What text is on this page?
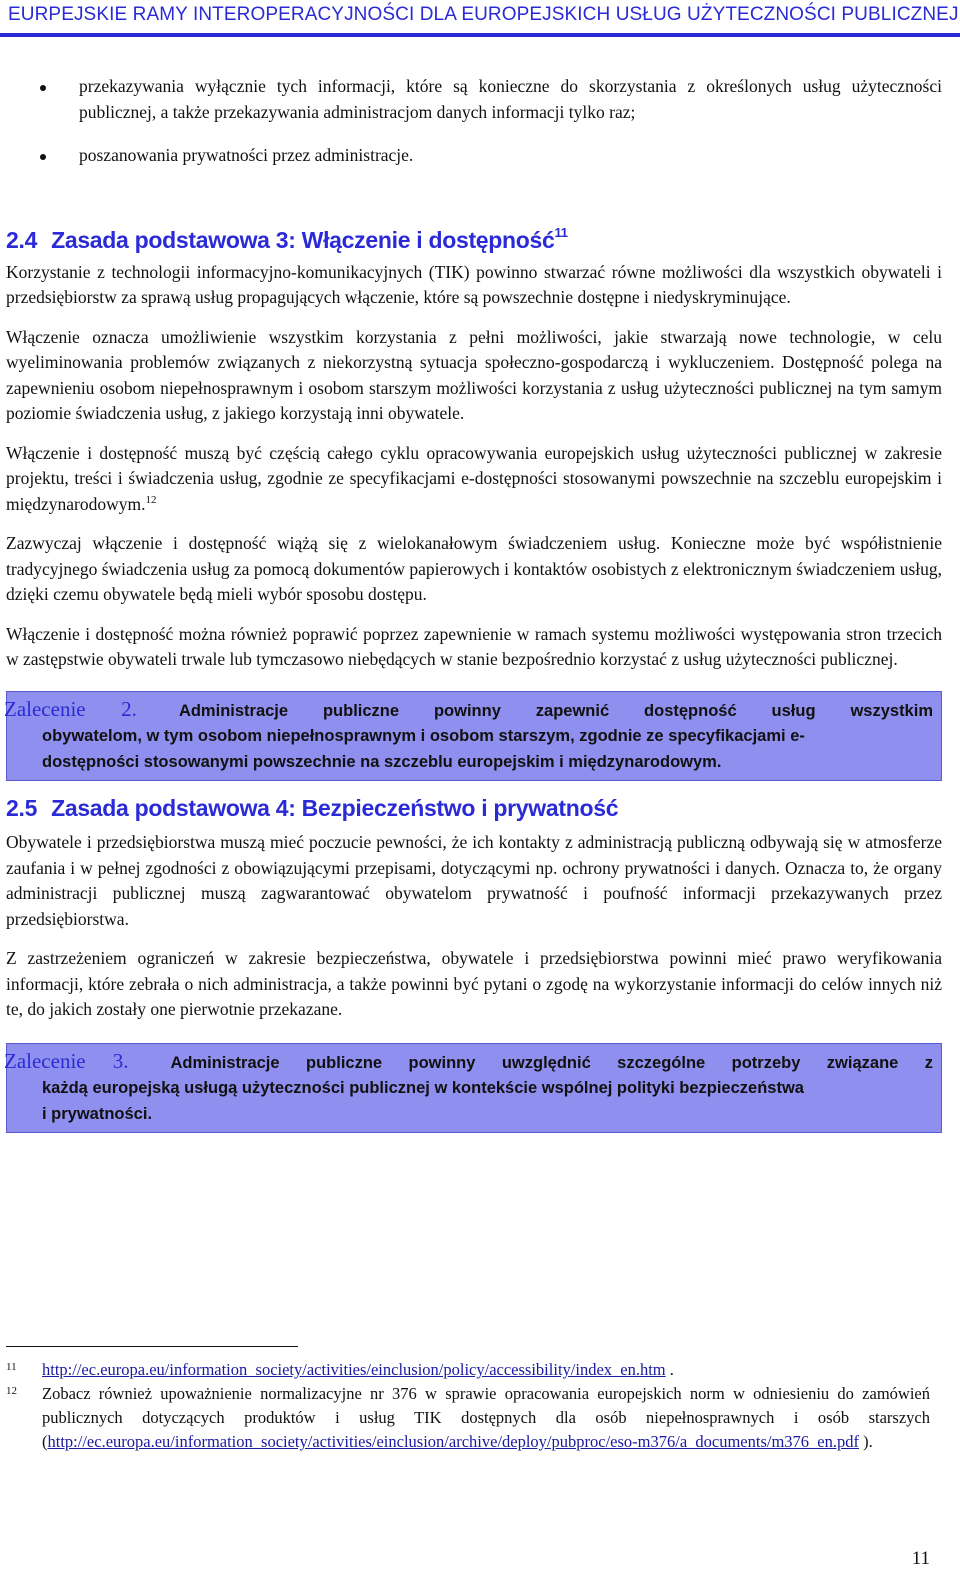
EURPEJSKIE RAMY INTEROPERACYJNOŚCI DLA EUROPEJSKICH USŁUG UŻYTECZNOŚCI PUBLICZNEJ
przekazywania wyłącznie tych informacji, które są konieczne do skorzystania z określonych usług użyteczności publicznej, a także przekazywania administracjom danych informacji tylko raz;
poszanowania prywatności przez administracje.
2.4 Zasada podstawowa 3: Włączenie i dostępność$^{11}$

Korzystanie z technologii informacyjno-komunikacyjnych (TIK) powinno stwarzać równe możliwości dla wszystkich obywateli i przedsiębiorstw za sprawą usług propagujących włączenie, które są powszechnie dostępne i niedyskryminujące.

Włączenie oznacza umożliwienie wszystkim korzystania z pełni możliwości, jakie stwarzają nowe technologie, w celu wyeliminowania problemów związanych z niekorzystną sytuacja społeczno-gospodarczą i wykluczeniem. Dostępność polega na zapewnieniu osobom niepełnosprawnym i osobom starszym możliwości korzystania z usług użyteczności publicznej na tym samym poziomie świadczenia usług, z jakiego korzystają inni obywatele.

Włączenie i dostępność muszą być częścią całego cyklu opracowywania europejskich usług użyteczności publicznej w zakresie projektu, treści i świadczenia usług, zgodnie ze specyfikacjami e-dostępności stosowanymi powszechnie na szczeblu europejskim i międzynarodowym.$^{12}$

Zazwyczaj włączenie i dostępność wiążą się z wielokanałowym świadczeniem usług. Konieczne może być współistnienie tradycyjnego świadczenia usług za pomocą dokumentów papierowych i kontaktów osobistych z elektronicznym świadczeniem usług, dzięki czemu obywatele będą mieli wybór sposobu dostępu.

Włączenie i dostępność można również poprawić poprzez zapewnienie w ramach systemu możliwości występowania stron trzecich w zastępstwie obywateli trwale lub tymczasowo niebędących w stanie bezpośrednio korzystać z usług użyteczności publicznej.

Zalecenie 2.	Administracje publiczne powinny zapewnić dostępność usług wszystkim
obywatelom, w tym osobom niepełnosprawnym i osobom starszym, zgodnie ze specyfikacjami e-
dostępności stosowanymi powszechnie na szczeblu europejskim i międzynarodowym.
2.5 Zasada podstawowa 4: Bezpieczeństwo i prywatność

Obywatele i przedsiębiorstwa muszą mieć poczucie pewności, że ich kontakty z administracją publiczną odbywają się w atmosferze zaufania i w pełnej zgodności z obowiązującymi przepisami, dotyczącymi np. ochrony prywatności i danych. Oznacza to, że organy administracji publicznej muszą zagwarantować obywatelom prywatność i poufność informacji przekazywanych przez przedsiębiorstwa.

Z zastrzeżeniem ograniczeń w zakresie bezpieczeństwa, obywatele i przedsiębiorstwa powinni mieć prawo weryfikowania informacji, które zebrała o nich administracja, a także powinni być pytani o zgodę na wykorzystanie informacji do celów innych niż te, do jakich zostały one pierwotnie przekazane.

Zalecenie 3.	Administracje publiczne powinny uwzględnić szczególne potrzeby związane z
każdą europejską usługą użyteczności publicznej w kontekście wspólnej polityki bezpieczeństwa
i prywatności.
11 http://ec.europa.eu/information_society/activities/einclusion/policy/accessibility/index_en.htm .
12 Zobacz również upoważnienie normalizacyjne nr 376 w sprawie opracowania europejskich norm w odniesieniu do zamówień publicznych dotyczących produktów i usług TIK dostępnych dla osób niepełnosprawnych i osób starszych (http://ec.europa.eu/information_society/activities/einclusion/archive/deploy/pubproc/eso-m376/a_documents/m376_en.pdf ).
11
